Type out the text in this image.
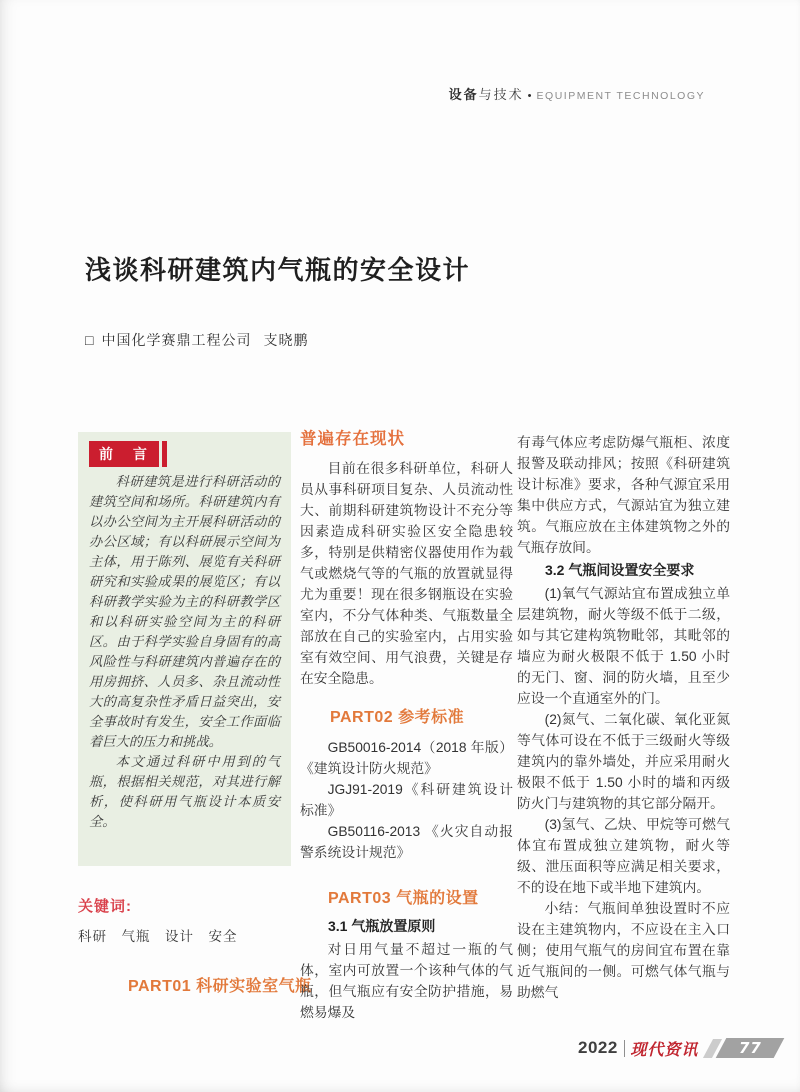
设备 与技术 • EQUIPMENT TECHNOLOGY
浅谈科研建筑内气瓶的安全设计
□ 中国化学赛鼎工程公司 支晓鹏
前 言

科研建筑是进行科研活动的建筑空间和场所。科研建筑内有以办公空间为主开展科研活动的办公区域；有以科研展示空间为主体，用于陈列、展览有关科研研究和实验成果的展览区；有以科研教学实验为主的科研教学区和以科研实验空间为主的科研区。由于科学实验自身固有的高风险性与科研建筑内普遍存在的用房拥挤、人员多、杂且流动性大的高复杂性矛盾日益突出，安全事故时有发生，安全工作面临着巨大的压力和挑战。

本文通过科研中用到的气瓶，根据相关规范，对其进行解析，使科研用气瓶设计本质安全。

关键词:
科研　气瓶　设计　安全
PART01 科研实验室气瓶
普遍存在现状

目前在很多科研单位，科研人员从事科研项目复杂、人员流动性大、前期科研建筑物设计不充分等因素造成科研实验区安全隐患较多，特别是供精密仪器使用作为载气或燃烧气等的气瓶的放置就显得尤为重要！现在很多钢瓶设在实验室内，不分气体种类、气瓶数量全部放在自己的实验室内，占用实验室有效空间、用气浪费，关键是存在安全隐患。

PART02 参考标准

GB50016-2014（2018 年版）《建筑设计防火规范》

JGJ91-2019《科研建筑设计标准》

GB50116-2013 《火灾自动报警系统设计规范》

PART03 气瓶的设置
3.1 气瓶放置原则

对日用气量不超过一瓶的气体，室内可放置一个该种气体的气瓶，但气瓶应有安全防护措施，易燃易爆及

有毒气体应考虑防爆气瓶柜、浓度报警及联动排风；按照《科研建筑设计标准》要求，各种气源宜采用集中供应方式，气源站宜为独立建筑。气瓶应放在主体建筑物之外的气瓶存放间。

3.2 气瓶间设置安全要求

(1)氧气气源站宜布置成独立单层建筑物，耐火等级不低于二级，如与其它建构筑物毗邻，其毗邻的墙应为耐火极限不低于 1.50 小时的无门、窗、洞的防火墙，且至少应设一个直通室外的门。

(2)氮气、二氧化碳、氧化亚氮等气体可设在不低于三级耐火等级建筑内的靠外墙处，并应采用耐火极限不低于 1.50 小时的墙和丙级防火门与建筑物的其它部分隔开。

(3)氢气、乙炔、甲烷等可燃气体宜布置成独立建筑物，耐火等级、泄压面积等应满足相关要求，不的设在地下或半地下建筑内。

小结：气瓶间单独设置时不应设在主建筑物内，不应设在主入口侧；使用气瓶气的房间宜布置在靠近气瓶间的一侧。可燃气体气瓶与助燃气

2022 现代资讯	77
